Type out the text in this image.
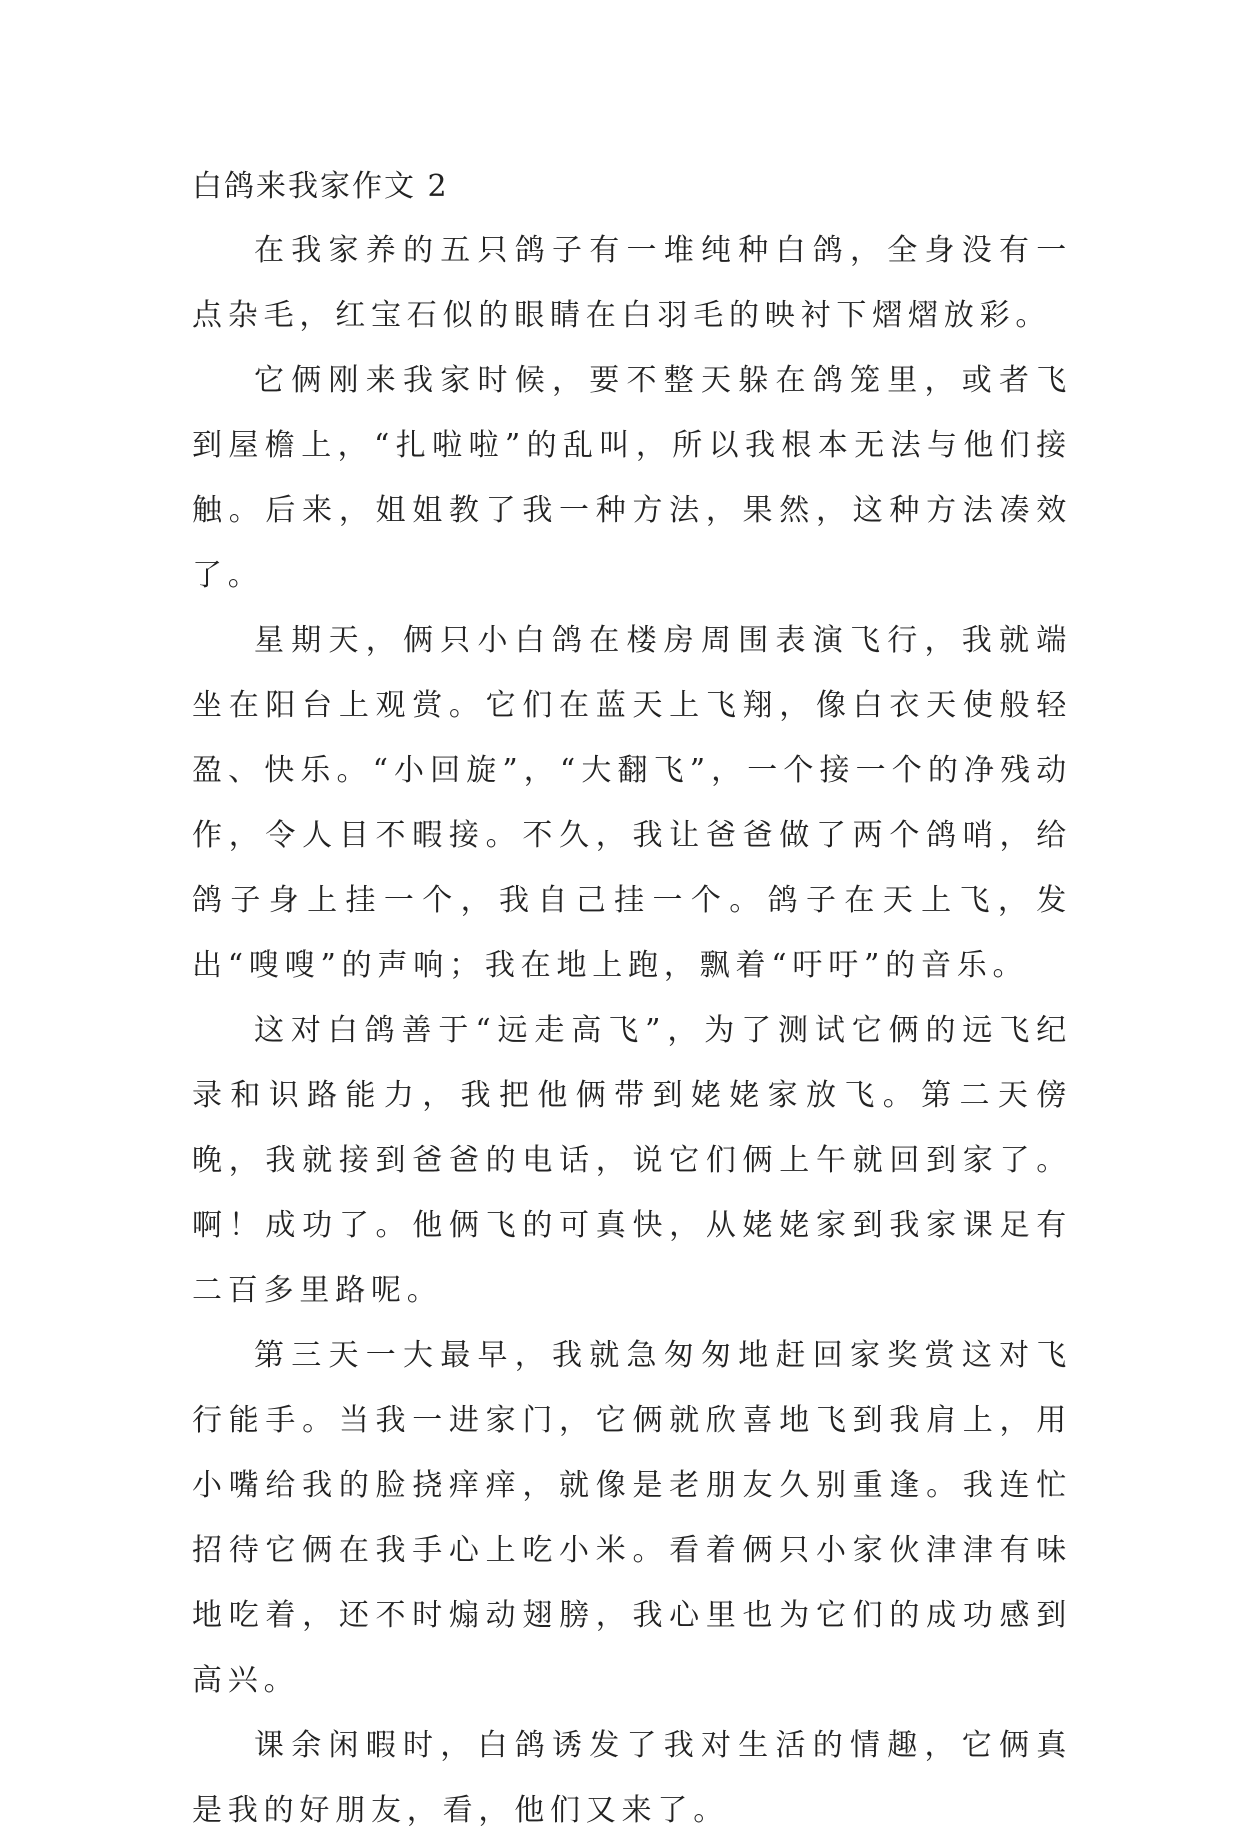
白鸽来我家作文 2

在我家养的五只鸽子有一堆纯种白鸽，全身没有一点杂毛，红宝石似的眼睛在白羽毛的映衬下熠熠放彩。

它俩刚来我家时候，要不整天躲在鸽笼里，或者飞到屋檐上，“扎啦啦”的乱叫，所以我根本无法与他们接触。后来，姐姐教了我一种方法，果然，这种方法凑效了。

星期天，俩只小白鸽在楼房周围表演飞行，我就端坐在阳台上观赏。它们在蓝天上飞翔，像白衣天使般轻盈、快乐。“小回旋”，“大翻飞”，一个接一个的净残动作，令人目不暇接。不久，我让爸爸做了两个鸽哨，给鸽子身上挂一个，我自己挂一个。鸽子在天上飞，发出“嗖嗖”的声响；我在地上跑，飘着“吁吁”的音乐。

这对白鸽善于“远走高飞”，为了测试它俩的远飞纪录和识路能力，我把他俩带到姥姥家放飞。第二天傍晚，我就接到爸爸的电话，说它们俩上午就回到家了。啊！成功了。他俩飞的可真快，从姥姥家到我家课足有二百多里路呢。

第三天一大最早，我就急匆匆地赶回家奖赏这对飞行能手。当我一进家门，它俩就欣喜地飞到我肩上，用小嘴给我的脸挠痒痒，就像是老朋友久别重逢。我连忙招待它俩在我手心上吃小米。看着俩只小家伙津津有味地吃着，还不时煽动翅膀，我心里也为它们的成功感到高兴。

课余闲暇时，白鸽诱发了我对生活的情趣，它俩真是我的好朋友，看，他们又来了。
